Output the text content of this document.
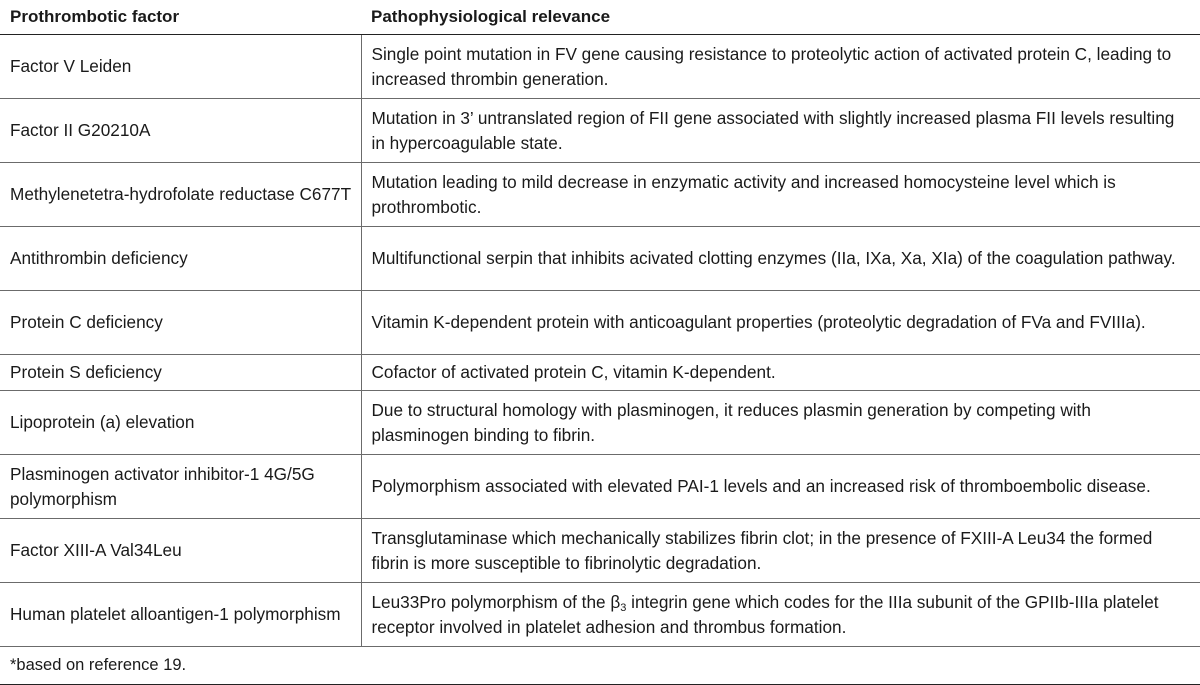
Prothrombotic factor	Pathophysiological relevance
Factor V Leiden	Single point mutation in FV gene causing resistance to proteolytic action of activated protein C, leading to increased thrombin generation.
Factor II G20210A	Mutation in 3’ untranslated region of FII gene associated with slightly increased plasma FII levels resulting in hypercoagulable state.
Methylenetetra-hydrofolate reductase C677T	Mutation leading to mild decrease in enzymatic activity and increased homocysteine level which is prothrombotic.
Antithrombin deficiency	Multifunctional serpin that inhibits acivated clotting enzymes (IIa, IXa, Xa, XIa) of the coagulation pathway.
Protein C deficiency	Vitamin K-dependent protein with anticoagulant properties (proteolytic degradation of FVa and FVIIIa).
Protein S deficiency	Cofactor of activated protein C, vitamin K-dependent.
Lipoprotein (a) elevation	Due to structural homology with plasminogen, it reduces plasmin generation by competing with plasminogen binding to fibrin.
Plasminogen activator inhibitor-1 4G/5G polymorphism	Polymorphism associated with elevated PAI-1 levels and an increased risk of thromboembolic disease.
Factor XIII-A Val34Leu	Transglutaminase which mechanically stabilizes fibrin clot; in the presence of FXIII-A Leu34 the formed fibrin is more susceptible to fibrinolytic degradation.
Human platelet alloantigen-1 polymorphism	Leu33Pro polymorphism of the $\beta_3$ integrin gene which codes for the IIIa subunit of the GPIIb-IIIa platelet receptor involved in platelet adhesion and thrombus formation.
*based on reference 19.	
